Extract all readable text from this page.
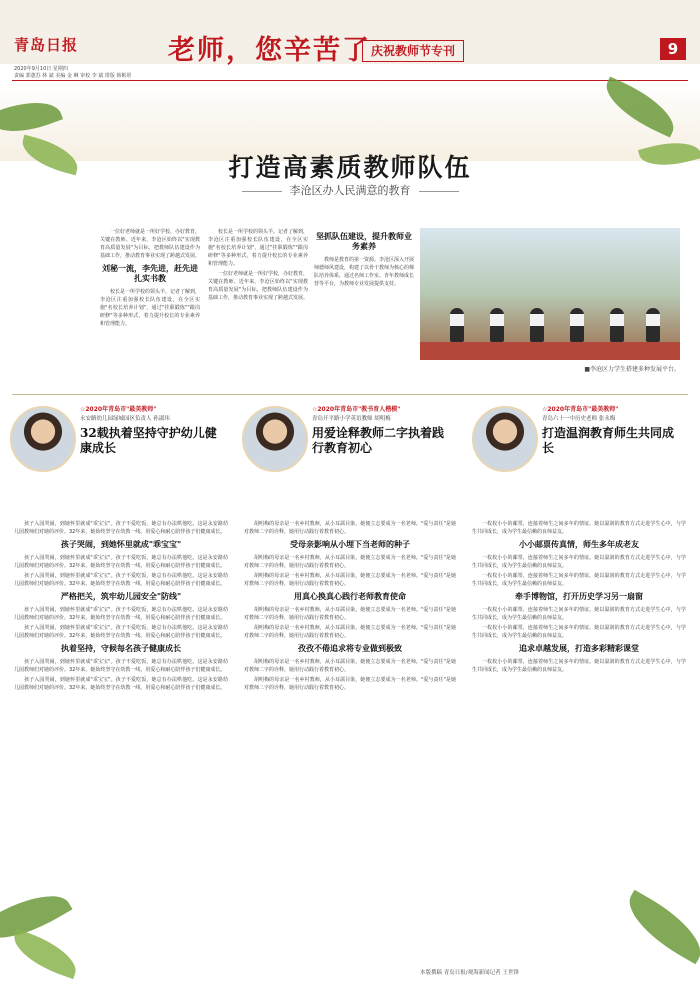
青岛日报	老师，您辛苦了 庆祝教师节专刊	9
2020年9月10日 星期四
责编 郭蕙苏 林 斌 美编 金 琳 审校 李 斌 排版 韩彬彤
打造高素质教师队伍
李沧区办人民满意的教育

一位好老师就是一所好学校，办好教育，关键在教师。近年来，李沧区始终以"实现教育高质量发展"为目标，把教师队伍建设作为基础工作，推动教育事业实现了跨越式发展。

刘秘一流，李先进，赶先进扎实书教

校长是一所学校的领头羊。记者了解到，李沧区注重加强校长队伍建设，在全区实施"名校长培养计划"，通过"挂职锻炼""跟岗研修"等多种形式，着力提升校长的专业素养和管理能力。

校长是一所学校的领头羊。记者了解到，李沧区注重加强校长队伍建设，在全区实施"名校长培养计划"，通过"挂职锻炼""跟岗研修"等多种形式，着力提升校长的专业素养和管理能力。

一位好老师就是一所好学校，办好教育，关键在教师。近年来，李沧区始终以"实现教育高质量发展"为目标，把教师队伍建设作为基础工作，推动教育事业实现了跨越式发展。

坚抓队伍建设，提升教师业务素养

教师是教育的第一资源。李沧区深入开展师德师风建设，构建了以骨干教师为核心的梯队培养体系，通过名师工作室、青年教师成长营等平台，为教师专业发展提供支持。

■李沧区力学生搭建多种发展平台。
☆2020年青岛市"最美教师"
永安路幼儿园绿城园区负责人 孙淑玮
32载执着坚持守护幼儿健康成长
☆2020年青岛市"教书育人楷模"
青岛开平路小学英语教师 胡明梅
用爱诠释教师二字执着践行教育初心
☆2020年青岛市"最美教师"
青岛六十一中历史老师 张永梅
打造温润教育师生共同成长

孩子入园哭闹，到她怀里就成"乖宝宝"。孩子不爱吃饭，她总有办法哄他吃。这是永安路幼儿园教师们对她的评价。32年来，她始终坚守在幼教一线，用爱心和耐心陪伴孩子们健康成长。

孩子哭闹，到她怀里就成"乖宝宝"

孩子入园哭闹，到她怀里就成"乖宝宝"。孩子不爱吃饭，她总有办法哄他吃。这是永安路幼儿园教师们对她的评价。32年来，她始终坚守在幼教一线，用爱心和耐心陪伴孩子们健康成长。

孩子入园哭闹，到她怀里就成"乖宝宝"。孩子不爱吃饭，她总有办法哄他吃。这是永安路幼儿园教师们对她的评价。32年来，她始终坚守在幼教一线，用爱心和耐心陪伴孩子们健康成长。

严格把关，筑牢幼儿园安全"防线"

孩子入园哭闹，到她怀里就成"乖宝宝"。孩子不爱吃饭，她总有办法哄他吃。这是永安路幼儿园教师们对她的评价。32年来，她始终坚守在幼教一线，用爱心和耐心陪伴孩子们健康成长。

孩子入园哭闹，到她怀里就成"乖宝宝"。孩子不爱吃饭，她总有办法哄他吃。这是永安路幼儿园教师们对她的评价。32年来，她始终坚守在幼教一线，用爱心和耐心陪伴孩子们健康成长。

执着坚持，守候每名孩子健康成长

孩子入园哭闹，到她怀里就成"乖宝宝"。孩子不爱吃饭，她总有办法哄他吃。这是永安路幼儿园教师们对她的评价。32年来，她始终坚守在幼教一线，用爱心和耐心陪伴孩子们健康成长。

孩子入园哭闹，到她怀里就成"乖宝宝"。孩子不爱吃饭，她总有办法哄他吃。这是永安路幼儿园教师们对她的评价。32年来，她始终坚守在幼教一线，用爱心和耐心陪伴孩子们健康成长。

胡明梅的母亲是一名乡村教师，从小耳濡目染，她便立志要成为一名老师。"爱与责任"是她对教师二字的诠释，她用行动践行着教育初心。

受母亲影响从小埋下当老师的种子

胡明梅的母亲是一名乡村教师，从小耳濡目染，她便立志要成为一名老师。"爱与责任"是她对教师二字的诠释，她用行动践行着教育初心。

胡明梅的母亲是一名乡村教师，从小耳濡目染，她便立志要成为一名老师。"爱与责任"是她对教师二字的诠释，她用行动践行着教育初心。

用真心换真心践行老师教育使命

胡明梅的母亲是一名乡村教师，从小耳濡目染，她便立志要成为一名老师。"爱与责任"是她对教师二字的诠释，她用行动践行着教育初心。

胡明梅的母亲是一名乡村教师，从小耳濡目染，她便立志要成为一名老师。"爱与责任"是她对教师二字的诠释，她用行动践行着教育初心。

孜孜不倦追求将专业做到极致

胡明梅的母亲是一名乡村教师，从小耳濡目染，她便立志要成为一名老师。"爱与责任"是她对教师二字的诠释，她用行动践行着教育初心。

胡明梅的母亲是一名乡村教师，从小耳濡目染，她便立志要成为一名老师。"爱与责任"是她对教师二字的诠释，她用行动践行着教育初心。

一枚枚小小的邮票，连接着师生之间多年的情谊。她以温润的教育方式走进学生心中，与学生共同成长，成为学生最信赖的良师益友。

小小邮票传真情，师生多年成老友

一枚枚小小的邮票，连接着师生之间多年的情谊。她以温润的教育方式走进学生心中，与学生共同成长，成为学生最信赖的良师益友。

一枚枚小小的邮票，连接着师生之间多年的情谊。她以温润的教育方式走进学生心中，与学生共同成长，成为学生最信赖的良师益友。

牵手博物馆，打开历史学习另一扇窗

一枚枚小小的邮票，连接着师生之间多年的情谊。她以温润的教育方式走进学生心中，与学生共同成长，成为学生最信赖的良师益友。

一枚枚小小的邮票，连接着师生之间多年的情谊。她以温润的教育方式走进学生心中，与学生共同成长，成为学生最信赖的良师益友。

追求卓越发展，打造多彩精彩课堂

一枚枚小小的邮票，连接着师生之间多年的情谊。她以温润的教育方式走进学生心中，与学生共同成长，成为学生最信赖的良师益友。

本版撰稿 青岛日报/观海新闻记者 王世锋
